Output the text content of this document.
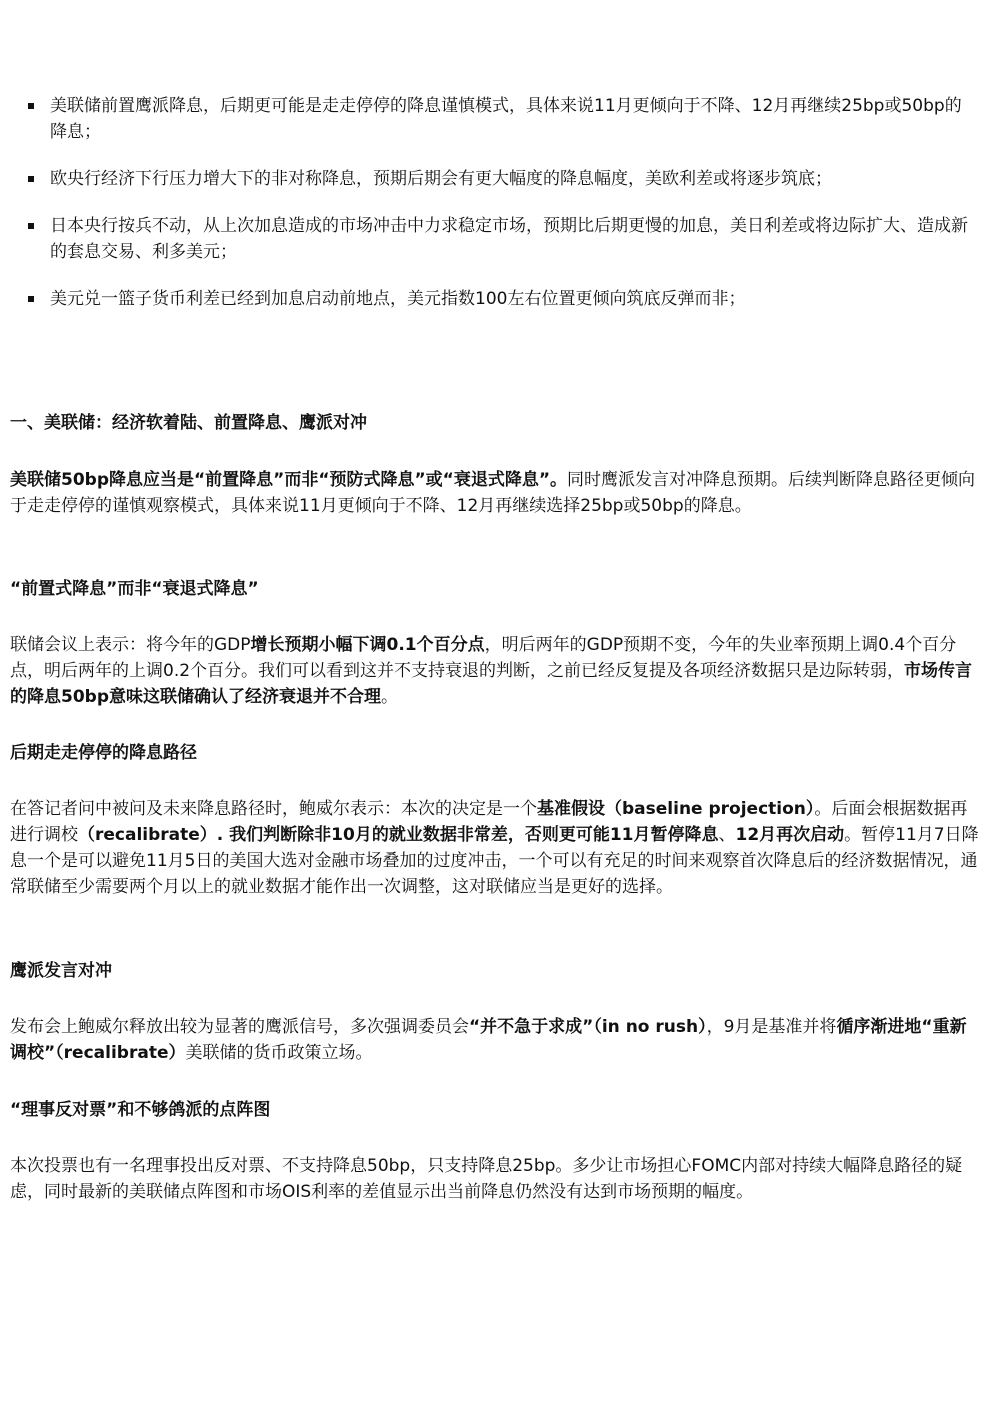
美联储前置鹰派降息，后期更可能是走走停停的降息谨慎模式，具体来说11月更倾向于不降、12月再继续25bp或50bp的降息；
欧央行经济下行压力增大下的非对称降息，预期后期会有更大幅度的降息幅度，美欧利差或将逐步筑底；
日本央行按兵不动，从上次加息造成的市场冲击中力求稳定市场，预期比后期更慢的加息，美日利差或将边际扩大、造成新的套息交易、利多美元；
美元兑一篮子货币利差已经到加息启动前地点，美元指数100左右位置更倾向筑底反弹而非；
一、美联储：经济软着陆、前置降息、鹰派对冲

美联储50bp降息应当是“前置降息”而非“预防式降息”或“衰退式降息”。同时鹰派发言对冲降息预期。后续判断降息路径更倾向于走走停停的谨慎观察模式，具体来说11月更倾向于不降、12月再继续选择25bp或50bp的降息。

“前置式降息”而非“衰退式降息”

联储会议上表示：将今年的GDP增长预期小幅下调0.1个百分点，明后两年的GDP预期不变，今年的失业率预期上调0.4个百分点，明后两年的上调0.2个百分。我们可以看到这并不支持衰退的判断，之前已经反复提及各项经济数据只是边际转弱，市场传言的降息50bp意味这联储确认了经济衰退并不合理。

后期走走停停的降息路径

在答记者问中被问及未来降息路径时，鲍威尔表示：本次的决定是一个基准假设（baseline projection）。后面会根据数据再进行调校（recalibrate）. 我们判断除非10月的就业数据非常差，否则更可能11月暂停降息、12月再次启动。暂停11月7日降息一个是可以避免11月5日的美国大选对金融市场叠加的过度冲击，一个可以有充足的时间来观察首次降息后的经济数据情况，通常联储至少需要两个月以上的就业数据才能作出一次调整，这对联储应当是更好的选择。

鹰派发言对冲

发布会上鲍威尔释放出较为显著的鹰派信号，多次强调委员会“并不急于求成”（in no rush），9月是基准并将循序渐进地“重新调校”（recalibrate）美联储的货币政策立场。

“理事反对票”和不够鸽派的点阵图

本次投票也有一名理事投出反对票、不支持降息50bp，只支持降息25bp。多少让市场担心FOMC内部对持续大幅降息路径的疑虑，同时最新的美联储点阵图和市场OIS利率的差值显示出当前降息仍然没有达到市场预期的幅度。
